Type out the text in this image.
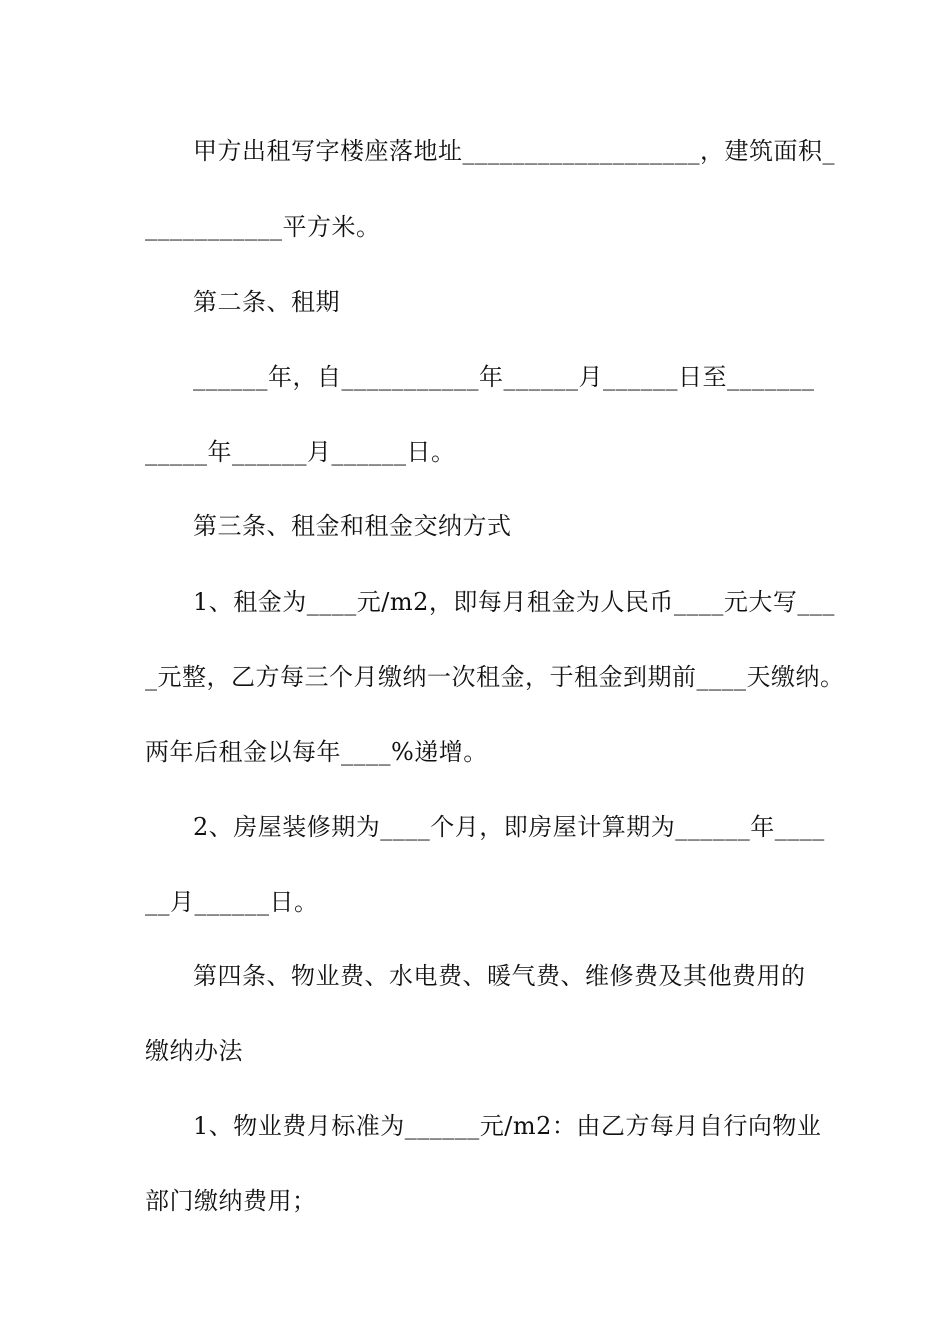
甲方出租写字楼座落地址___________________，建筑面积_
___________平方米。
第二条、租期
______年，自___________年______月______日至_______
_____年______月______日。
第三条、租金和租金交纳方式
1、租金为____元/m2，即每月租金为人民币____元大写___
_元整，乙方每三个月缴纳一次租金，于租金到期前____天缴纳。
两年后租金以每年____%递增。
2、房屋装修期为____个月，即房屋计算期为______年____
__月______日。
第四条、物业费、水电费、暖气费、维修费及其他费用的
缴纳办法
1、物业费月标准为______元/m2：由乙方每月自行向物业
部门缴纳费用；
